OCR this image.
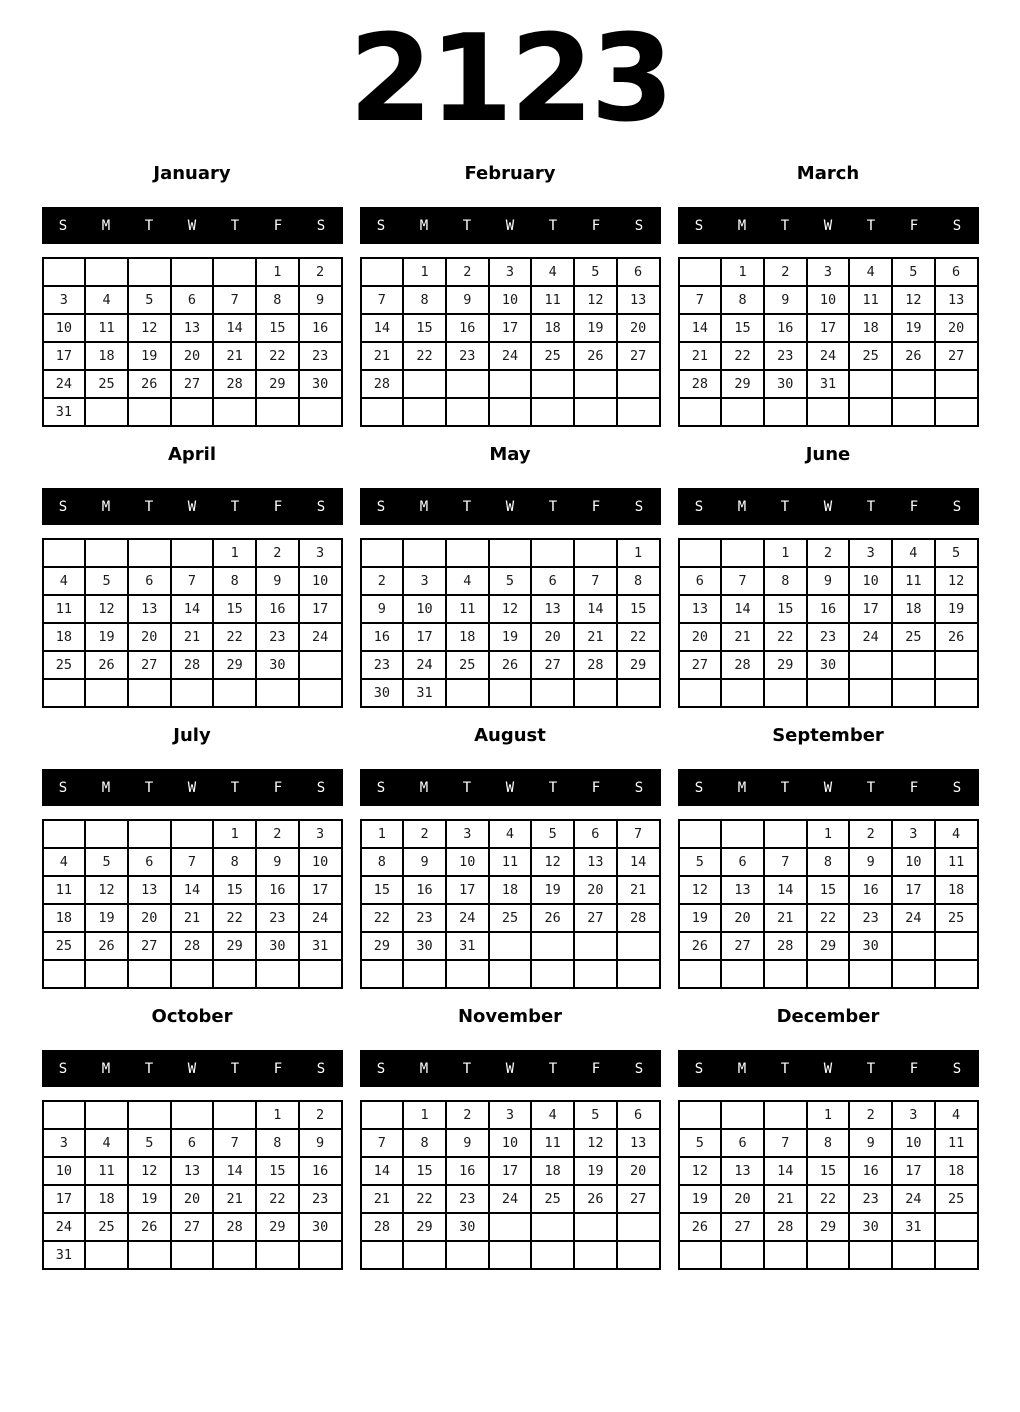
2123
January
S	M	T	W	T	F	S
					1	2
3	4	5	6	7	8	9
10	11	12	13	14	15	16
17	18	19	20	21	22	23
24	25	26	27	28	29	30
31						
February
S	M	T	W	T	F	S
	1	2	3	4	5	6
7	8	9	10	11	12	13
14	15	16	17	18	19	20
21	22	23	24	25	26	27
28						

March
S	M	T	W	T	F	S
	1	2	3	4	5	6
7	8	9	10	11	12	13
14	15	16	17	18	19	20
21	22	23	24	25	26	27
28	29	30	31			

April
S	M	T	W	T	F	S
				1	2	3
4	5	6	7	8	9	10
11	12	13	14	15	16	17
18	19	20	21	22	23	24
25	26	27	28	29	30	

May
S	M	T	W	T	F	S
						1
2	3	4	5	6	7	8
9	10	11	12	13	14	15
16	17	18	19	20	21	22
23	24	25	26	27	28	29
30	31					
June
S	M	T	W	T	F	S
		1	2	3	4	5
6	7	8	9	10	11	12
13	14	15	16	17	18	19
20	21	22	23	24	25	26
27	28	29	30			

July
S	M	T	W	T	F	S
				1	2	3
4	5	6	7	8	9	10
11	12	13	14	15	16	17
18	19	20	21	22	23	24
25	26	27	28	29	30	31

August
S	M	T	W	T	F	S
1	2	3	4	5	6	7
8	9	10	11	12	13	14
15	16	17	18	19	20	21
22	23	24	25	26	27	28
29	30	31				

September
S	M	T	W	T	F	S
			1	2	3	4
5	6	7	8	9	10	11
12	13	14	15	16	17	18
19	20	21	22	23	24	25
26	27	28	29	30		

October
S	M	T	W	T	F	S
					1	2
3	4	5	6	7	8	9
10	11	12	13	14	15	16
17	18	19	20	21	22	23
24	25	26	27	28	29	30
31						
November
S	M	T	W	T	F	S
	1	2	3	4	5	6
7	8	9	10	11	12	13
14	15	16	17	18	19	20
21	22	23	24	25	26	27
28	29	30				

December
S	M	T	W	T	F	S
			1	2	3	4
5	6	7	8	9	10	11
12	13	14	15	16	17	18
19	20	21	22	23	24	25
26	27	28	29	30	31	
